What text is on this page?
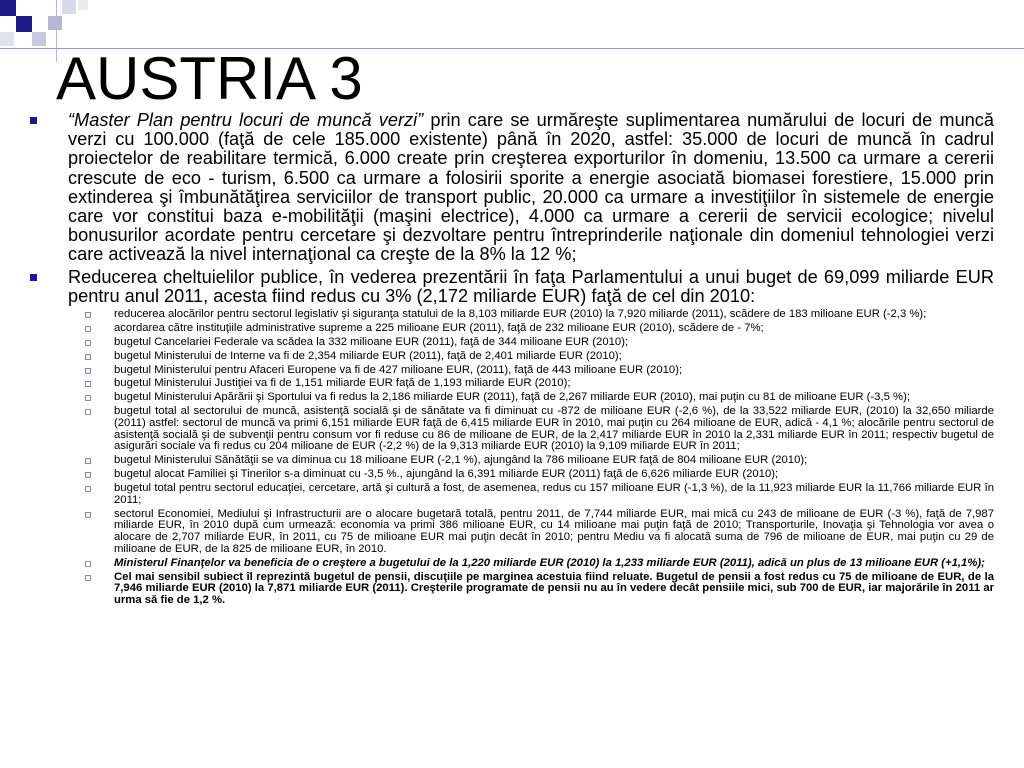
AUSTRIA 3
“Master Plan pentru locuri de muncă verzi” prin care se urmăreşte suplimentarea numărului de locuri de muncă verzi cu 100.000 (faţă de cele 185.000 existente) până în 2020, astfel: 35.000 de locuri de muncă în cadrul proiectelor de reabilitare termică, 6.000 create prin creşterea exporturilor în domeniu, 13.500 ca urmare a cererii crescute de eco - turism, 6.500 ca urmare a folosirii sporite a energie asociată biomasei forestiere, 15.000 prin extinderea şi îmbunătăţirea serviciilor de transport public, 20.000 ca urmare a investiţiilor în sistemele de energie care vor constitui baza e-mobilităţii (maşini electrice), 4.000 ca urmare a cererii de servicii ecologice; nivelul bonusurilor acordate pentru cercetare şi dezvoltare pentru întreprinderile naţionale din domeniul tehnologiei verzi care activează la nivel internaţional ca creşte de la 8% la 12 %;
Reducerea cheltuielilor publice, în vederea prezentării în faţa Parlamentului a unui buget de 69,099 miliarde EUR pentru anul 2011, acesta fiind redus cu 3% (2,172 miliarde EUR) faţă de cel din 2010:
reducerea alocărilor pentru sectorul legislativ şi siguranţa statului de la 8,103 miliarde EUR (2010) la 7,920 miliarde (2011), scădere de 183 milioane EUR (-2,3 %);
acordarea către instituţiile administrative supreme a 225 milioane EUR (2011), faţă de 232 milioane EUR (2010), scădere de - 7%;
bugetul Cancelariei Federale va scădea la 332 milioane EUR (2011), faţă de 344 milioane EUR (2010);
bugetul Ministerului de Interne va fi de 2,354 miliarde EUR (2011), faţă de 2,401 miliarde EUR (2010);
bugetul Ministerului pentru Afaceri Europene va fi de 427 milioane EUR, (2011), faţă de 443 milioane EUR (2010);
bugetul Ministerului Justiţiei va fi de 1,151 miliarde EUR faţă de 1,193 miliarde EUR (2010);
bugetul Ministerului Apărării şi Sportului va fi redus la 2,186 miliarde EUR (2011), faţă de 2,267 miliarde EUR (2010), mai puţin cu 81 de milioane EUR (-3,5 %);
bugetul total al sectorului de muncă, asistenţă socială şi de sănătate va fi diminuat cu -872 de milioane EUR (-2,6 %), de la 33,522 miliarde EUR, (2010) la 32,650 miliarde (2011) astfel: sectorul de muncă va primi 6,151 miliarde EUR faţă de 6,415 miliarde EUR în 2010, mai puţin cu 264 milioane de EUR, adică - 4,1 %; alocările pentru sectorul de asistenţă socială şi de subvenţii pentru consum vor fi reduse cu 86 de milioane de EUR, de la 2,417 miliarde EUR în 2010 la 2,331 miliarde EUR în 2011; respectiv bugetul de asigurări sociale va fi redus cu 204 milioane de EUR (-2,2 %) de la 9,313 miliarde EUR (2010) la 9,109 miliarde EUR în 2011;
bugetul Ministerului Sănătăţii se va diminua cu 18 milioane EUR (-2,1 %), ajungând la 786 milioane EUR faţă de 804 milioane EUR (2010);
bugetul alocat Familiei şi Tinerilor s-a diminuat cu -3,5 %., ajungând la 6,391 miliarde EUR (2011) faţă de 6,626 miliarde EUR (2010);
bugetul total pentru sectorul educaţiei, cercetare, artă şi cultură a fost, de asemenea, redus cu 157 milioane EUR (-1,3 %), de la 11,923 miliarde EUR la 11,766 miliarde EUR în 2011;
sectorul Economiei, Mediului şi Infrastructurii are o alocare bugetară totală, pentru 2011, de 7,744 miliarde EUR, mai mică cu 243 de milioane de EUR (-3 %), faţă de 7,987 miliarde EUR, în 2010 după cum urmează: economia va primi 386 milioane EUR, cu 14 milioane mai puţin faţă de 2010; Transporturile, Inovaţia şi Tehnologia vor avea o alocare de 2,707 miliarde EUR, în 2011, cu 75 de milioane EUR mai puţin decât în 2010; pentru Mediu va fi alocată suma de 796 de milioane de EUR, mai puţin cu 29 de milioane de EUR, de la 825 de milioane EUR, în 2010.
Ministerul Finanţelor va beneficia de o creştere a bugetului de la 1,220 miliarde EUR (2010) la 1,233 miliarde EUR (2011), adică un plus de 13 milioane EUR (+1,1%);
Cel mai sensibil subiect îl reprezintă bugetul de pensii, discuţiile pe marginea acestuia fiind reluate. Bugetul de pensii a fost redus cu 75 de milioane de EUR, de la 7,946 miliarde EUR (2010) la 7,871 miliarde EUR (2011). Creşterile programate de pensii nu au în vedere decât pensiile mici, sub 700 de EUR, iar majorările în 2011 ar urma să fie de 1,2 %.
